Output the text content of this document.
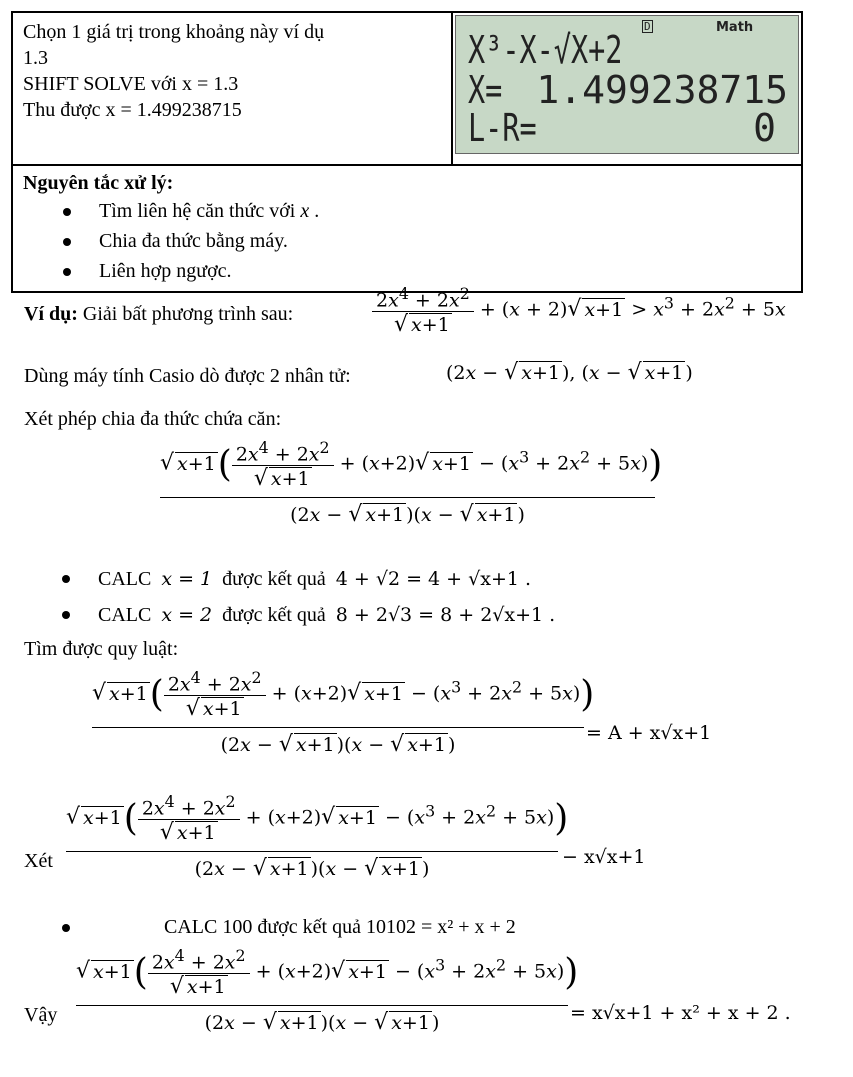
Chọn 1 giá trị trong khoảng này ví dụ
1.3
SHIFT SOLVE với x = 1.3
Thu được x = 1.499238715

D	Math
X³-X-√X+2
X= 1.499238715
L-R=	0

Nguyên tắc xử lý:
Tìm liên hệ căn thức với x .
Chia đa thức bằng máy.
Liên hợp ngược.
Ví dụ: Giải bất phương trình sau:	$\frac{2x^4 + 2x^2}{√ x+1} + (x + 2)√$ $x+1 > x^3 + 2x^2 + 5x$
Dùng máy tính Casio dò được 2 nhân tử:	(2x − √ x+1 ), (x − √ x+1 )
Xét phép chia đa thức chứa căn:
√ $x+1( \frac{2x^4 + 2x^2}{√ x+1} + (x+2)√$ $x+1 - (x^3 + 2x^2 + 5x)$)
(2x − √ x+1 )(x − √ x+1 )
CALC x = 1 được kết quả 4 + √2 = 4 + √x+1 .
CALC x = 2 được kết quả 8 + 2√3 = 8 + 2√x+1 .
Tìm được quy luật:
√ $x+1( \frac{2x^4 + 2x^2}{√ x+1} + (x+2)√$ $x+1 - (x^3 + 2x^2 + 5x)$)
(2x − √ x+1 )(x − √ x+1 )
= A + x√x+1
Xét
√ $x+1( \frac{2x^4 + 2x^2}{√ x+1} + (x+2)√$ $x+1 - (x^3 + 2x^2 + 5x)$)
(2x − √ x+1 )(x − √ x+1 )
− x√x+1
CALC 100 được kết quả 10102 = x² + x + 2
Vậy
√ $x+1( \frac{2x^4 + 2x^2}{√ x+1} + (x+2)√$ $x+1 - (x^3 + 2x^2 + 5x)$)
(2x − √ x+1 )(x − √ x+1 )	= x√x+1 + x² + x + 2 .
